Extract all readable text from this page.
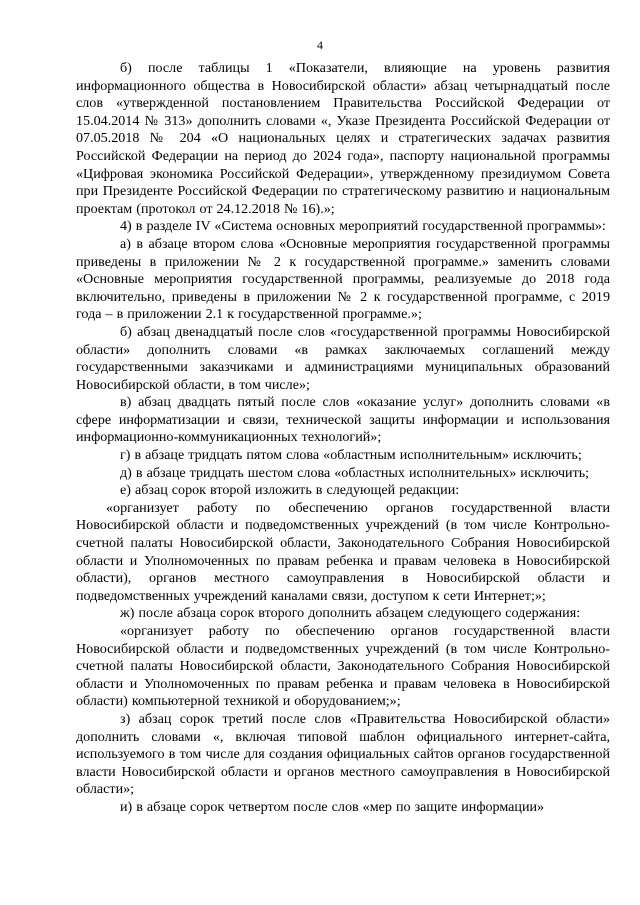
4

б) после таблицы 1 «Показатели, влияющие на уровень развития информационного общества в Новосибирской области» абзац четырнадцатый после слов «утвержденной постановлением Правительства Российской Федерации от 15.04.2014 № 313» дополнить словами «, Указе Президента Российской Федерации от 07.05.2018 № 204 «О национальных целях и стратегических задачах развития Российской Федерации на период до 2024 года», паспорту национальной программы «Цифровая экономика Российской Федерации», утвержденному президиумом Совета при Президенте Российской Федерации по стратегическому развитию и национальным проектам (протокол от 24.12.2018 № 16).»;

4) в разделе IV «Система основных мероприятий государственной программы»:

а) в абзаце втором слова «Основные мероприятия государственной программы приведены в приложении № 2 к государственной программе.» заменить словами «Основные мероприятия государственной программы, реализуемые до 2018 года включительно, приведены в приложении № 2 к государственной программе, с 2019 года – в приложении 2.1 к государственной программе.»;

б) абзац двенадцатый после слов «государственной программы Новосибирской области» дополнить словами «в рамках заключаемых соглашений между государственными заказчиками и администрациями муниципальных образований Новосибирской области, в том числе»;

в) абзац двадцать пятый после слов «оказание услуг» дополнить словами «в сфере информатизации и связи, технической защиты информации и использования информационно-коммуникационных технологий»;

г) в абзаце тридцать пятом слова «областным исполнительным» исключить;

д) в абзаце тридцать шестом слова «областных исполнительных» исключить;

е) абзац сорок второй изложить в следующей редакции:

«организует работу по обеспечению органов государственной власти Новосибирской области и подведомственных учреждений (в том числе Контрольно-счетной палаты Новосибирской области, Законодательного Собрания Новосибирской области и Уполномоченных по правам ребенка и правам человека в Новосибирской области), органов местного самоуправления в Новосибирской области и подведомственных учреждений каналами связи, доступом к сети Интернет;»;

ж) после абзаца сорок второго дополнить абзацем следующего содержания:

«организует работу по обеспечению органов государственной власти Новосибирской области и подведомственных учреждений (в том числе Контрольно-счетной палаты Новосибирской области, Законодательного Собрания Новосибирской области и Уполномоченных по правам ребенка и правам человека в Новосибирской области) компьютерной техникой и оборудованием;»;

з) абзац сорок третий после слов «Правительства Новосибирской области» дополнить словами «, включая типовой шаблон официального интернет-сайта, используемого в том числе для создания официальных сайтов органов государственной власти Новосибирской области и органов местного самоуправления в Новосибирской области»;

и) в абзаце сорок четвертом после слов «мер по защите информации»
